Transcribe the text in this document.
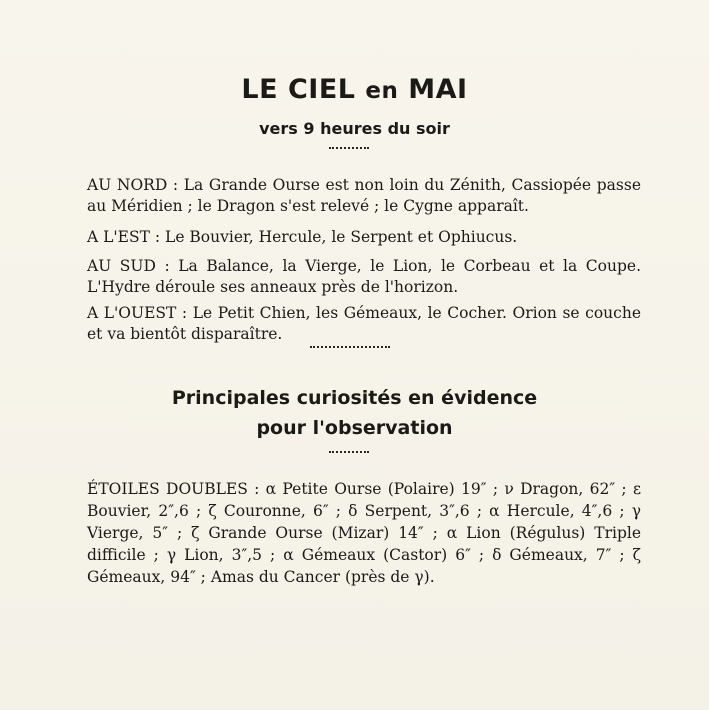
LE CIEL en MAI
vers 9 heures du soir
AU NORD : La Grande Ourse est non loin du Zénith, Cassiopée passe au Méridien ; le Dragon s'est relevé ; le Cygne apparaît.
A L'EST : Le Bouvier, Hercule, le Serpent et Ophiucus.
AU SUD : La Balance, la Vierge, le Lion, le Corbeau et la Coupe. L'Hydre déroule ses anneaux près de l'horizon.
A L'OUEST : Le Petit Chien, les Gémeaux, le Cocher. Orion se couche et va bientôt disparaître.
Principales curiosités en évidence
pour l'observation
ÉTOILES DOUBLES : α Petite Ourse (Polaire) 19″ ; ν Dragon, 62″ ; ε Bouvier, 2″,6 ; ζ Couronne, 6″ ; δ Serpent, 3″,6 ; α Hercule, 4″,6 ; γ Vierge, 5″ ; ζ Grande Ourse (Mizar) 14″ ; α Lion (Régulus) Triple difficile ; γ Lion, 3″,5 ; α Gémeaux (Castor) 6″ ; δ Gémeaux, 7″ ; ζ Gémeaux, 94″ ; Amas du Cancer (près de γ).
